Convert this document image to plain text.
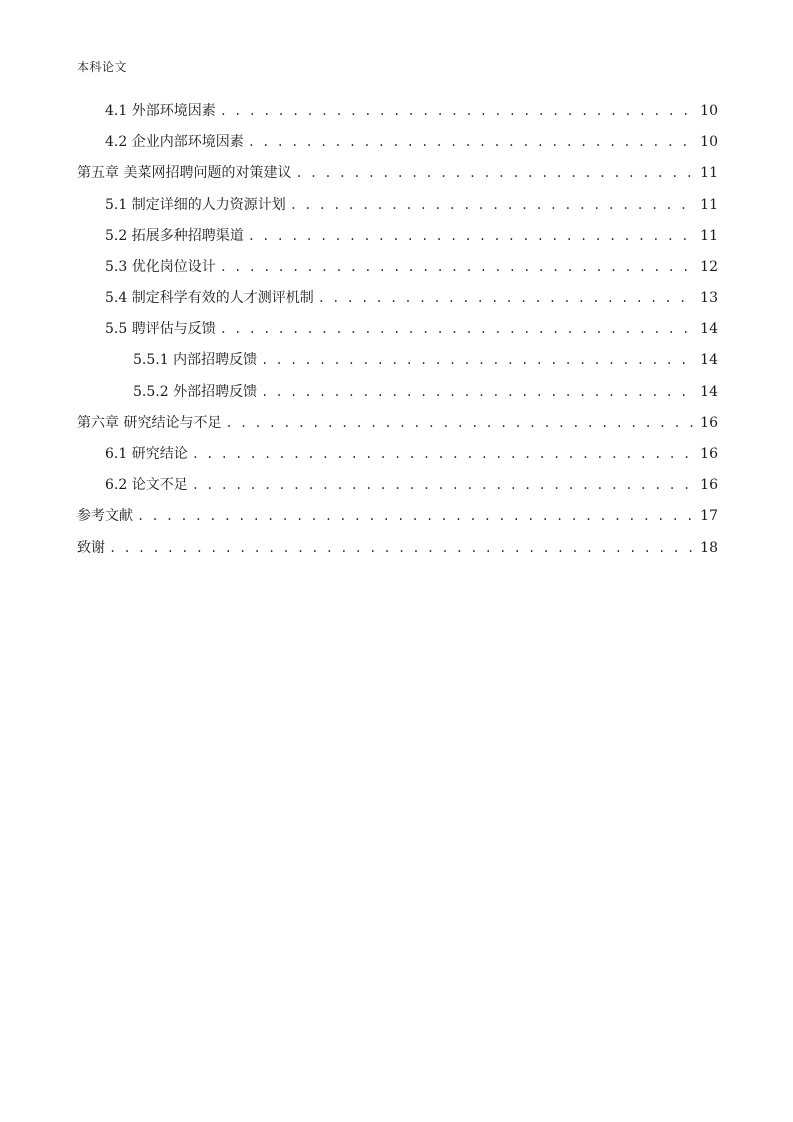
本科论文
4.1 外部环境因素 . . .	10
4.2 企业内部环境因素 . . .	10
第五章 美菜网招聘问题的对策建议 . . .	11
5.1 制定详细的人力资源计划 . . .	11
5.2 拓展多种招聘渠道 . . .	11
5.3 优化岗位设计 . . .	12
5.4 制定科学有效的人才测评机制 . . .	13
5.5 聘评估与反馈 . . .	14
5.5.1 内部招聘反馈 . . .	14
5.5.2 外部招聘反馈 . . .	14
第六章 研究结论与不足 . . .	16
6.1 研究结论 . . .	16
6.2 论文不足 . . .	16
参考文献 . . .	17
致谢 . . .	18
